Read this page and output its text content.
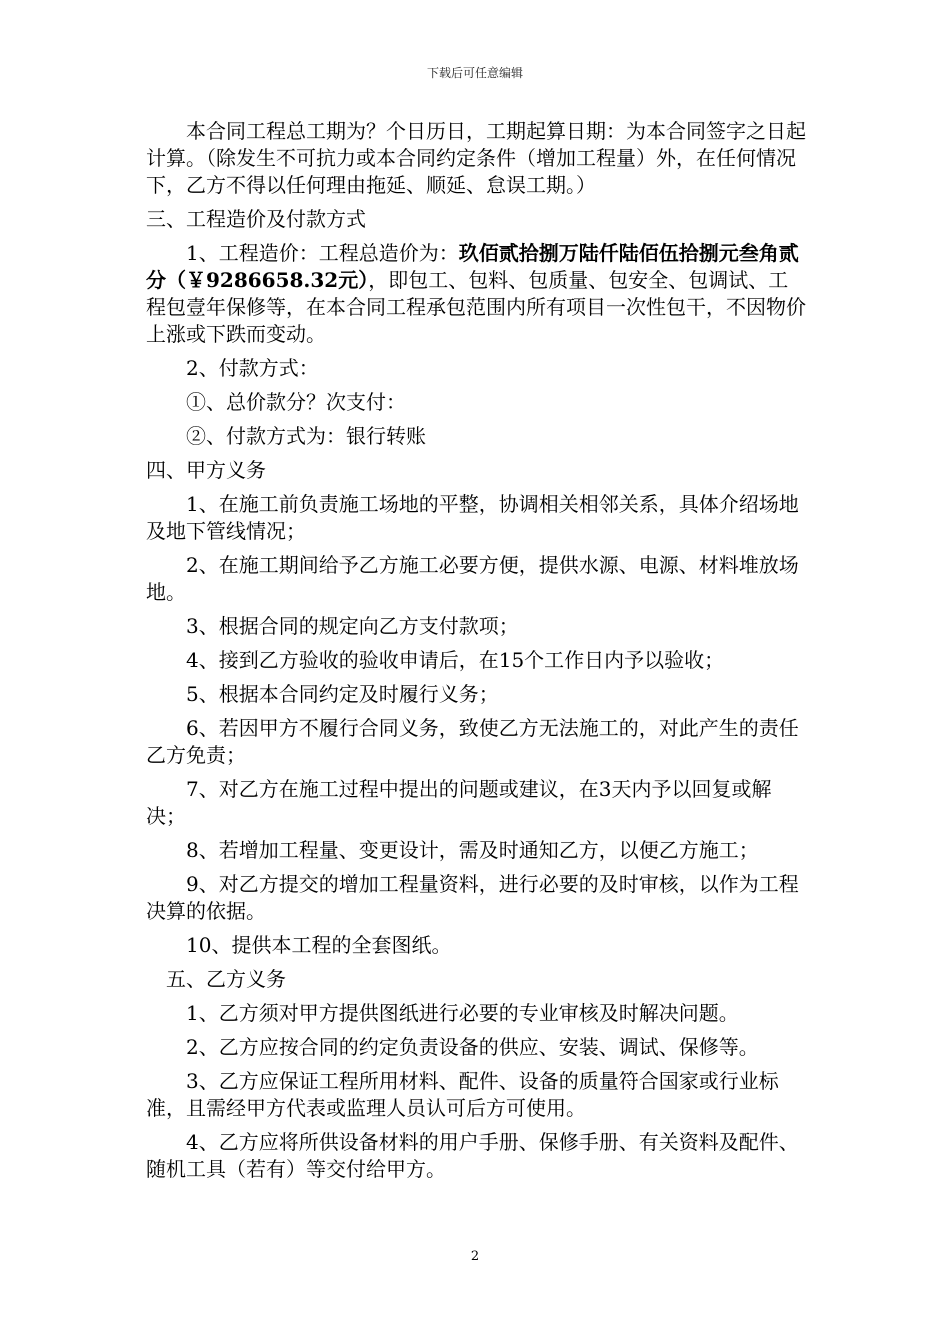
下载后可任意编辑

本合同工程总工期为？个日历日，工期起算日期：为本合同签字之日起计算。（除发生不可抗力或本合同约定条件（增加工程量）外，在任何情况下，乙方不得以任何理由拖延、顺延、怠误工期。）

三、工程造价及付款方式

1、工程造价：工程总造价为：玖佰贰拾捌万陆仟陆佰伍拾捌元叁角贰分（￥9286658.32元），即包工、包料、包质量、包安全、包调试、工程包壹年保修等，在本合同工程承包范围内所有项目一次性包干，不因物价上涨或下跌而变动。

2、付款方式：

①、总价款分？次支付：

②、付款方式为：银行转账

四、甲方义务

1、在施工前负责施工场地的平整，协调相关相邻关系，具体介绍场地及地下管线情况；

2、在施工期间给予乙方施工必要方便，提供水源、电源、材料堆放场地。

3、根据合同的规定向乙方支付款项；

4、接到乙方验收的验收申请后，在15个工作日内予以验收；

5、根据本合同约定及时履行义务；

6、若因甲方不履行合同义务，致使乙方无法施工的，对此产生的责任乙方免责；

7、对乙方在施工过程中提出的问题或建议，在3天内予以回复或解决；

8、若增加工程量、变更设计，需及时通知乙方，以便乙方施工；

9、对乙方提交的增加工程量资料，进行必要的及时审核，以作为工程决算的依据。

10、提供本工程的全套图纸。

五、乙方义务

1、乙方须对甲方提供图纸进行必要的专业审核及时解决问题。

2、乙方应按合同的约定负责设备的供应、安装、调试、保修等。

3、乙方应保证工程所用材料、配件、设备的质量符合国家或行业标准，且需经甲方代表或监理人员认可后方可使用。

4、乙方应将所供设备材料的用户手册、保修手册、有关资料及配件、随机工具（若有）等交付给甲方。

2
